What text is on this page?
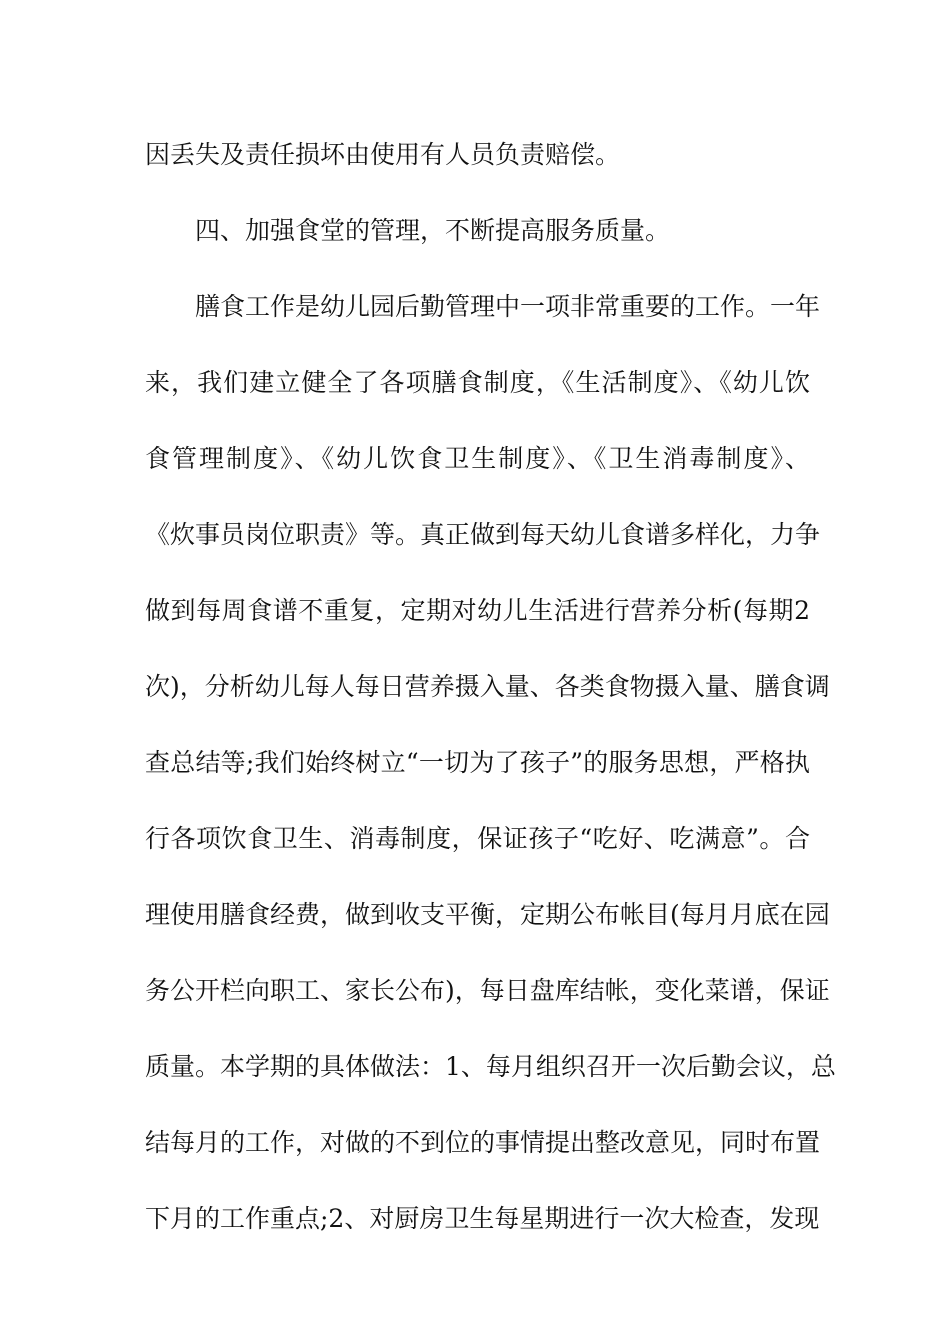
因丢失及责任损坏由使用有人员负责赔偿。
四、加强食堂的管理，不断提高服务质量。
膳食工作是幼儿园后勤管理中一项非常重要的工作。一年
来，我们建立健全了各项膳食制度，《生活制度》、《幼儿饮
食管理制度》、《幼儿饮食卫生制度》、《卫生消毒制度》、
《炊事员岗位职责》等。真正做到每天幼儿食谱多样化，力争
做到每周食谱不重复，定期对幼儿生活进行营养分析(每期2
次)，分析幼儿每人每日营养摄入量、各类食物摄入量、膳食调
查总结等;我们始终树立“一切为了孩子”的服务思想，严格执
行各项饮食卫生、消毒制度，保证孩子“吃好、吃满意”。合
理使用膳食经费，做到收支平衡，定期公布帐目(每月月底在园
务公开栏向职工、家长公布)，每日盘库结帐，变化菜谱，保证
质量。本学期的具体做法：1、每月组织召开一次后勤会议，总
结每月的工作，对做的不到位的事情提出整改意见，同时布置
下月的工作重点;2、对厨房卫生每星期进行一次大检查，发现
